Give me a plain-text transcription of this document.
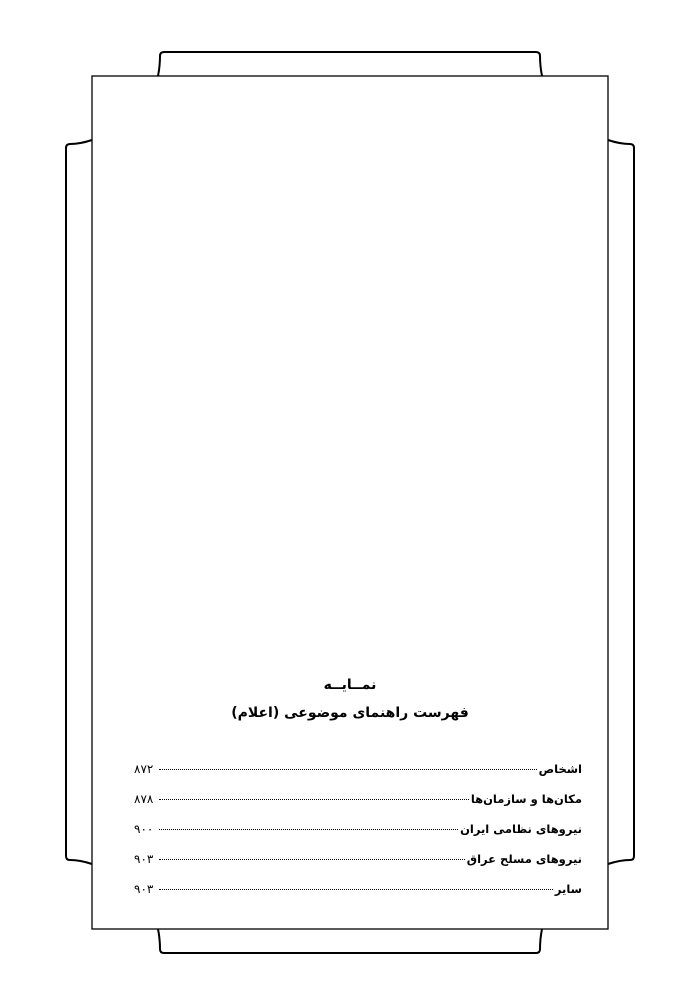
نمــایــه
فهرست راهنمای موضوعی (اعلام)
۸۷۲	اشخاص
۸۷۸	مکان‌ها و سازمان‌ها
۹۰۰	نیروهای نظامی ایران
۹۰۳	نیروهای مسلح عراق
۹۰۳	سایر
